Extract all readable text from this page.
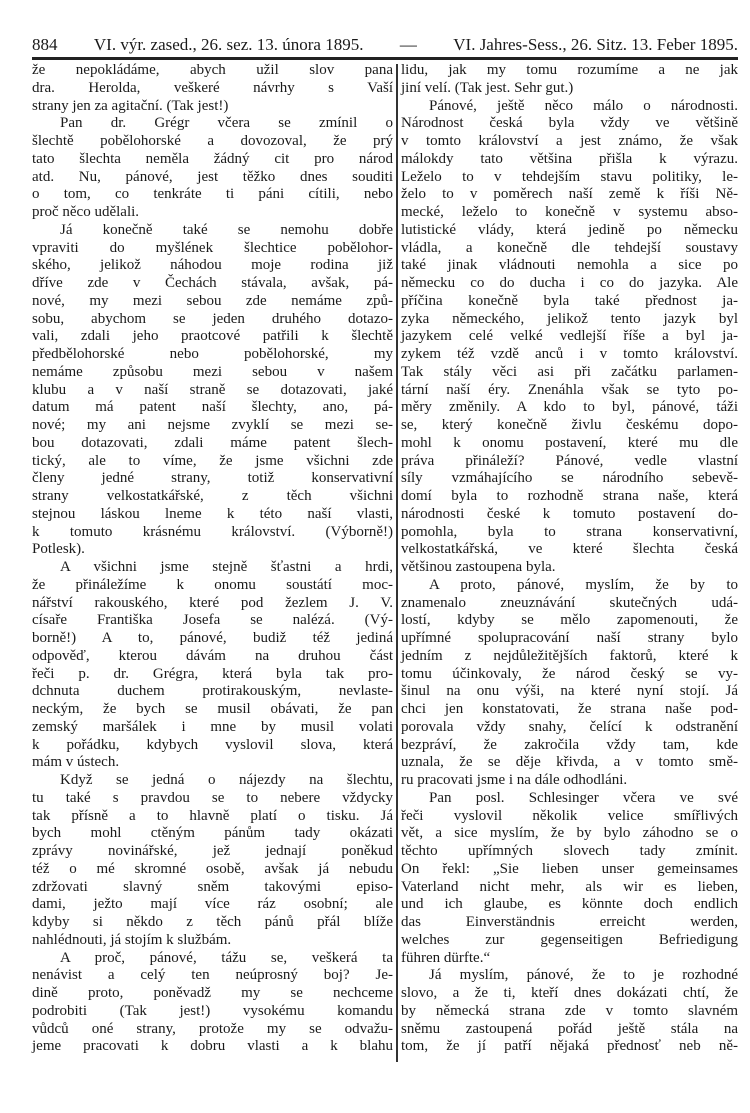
884 VI. výr. zased., 26. sez. 13. února 1895. — VI. Jahres-Sess., 26. Sitz. 13. Feber 1895.
že nepokládáme, abych užil slov pana
dra. Herolda, veškeré návrhy s Vaší
strany jen za agitační. (Tak jest!)
Pan dr. Grégr včera se zmínil o
šlechtě pobělohorské a dovozoval, že prý
tato šlechta neměla žádný cit pro národ
atd. Nu, pánové, jest těžko dnes souditi
o tom, co tenkráte ti páni cítili, nebo
proč něco udělali.
Já konečně také se nemohu dobře
vpraviti do myšlének šlechtice pobělohor-
ského, jelikož náhodou moje rodina již
dříve zde v Čechách stávala, avšak, pá-
nové, my mezi sebou zde nemáme způ-
sobu, abychom se jeden druhého dotazo-
vali, zdali jeho praotcové patřili k šlechtě
předbělohorské nebo pobělohorské, my
nemáme způsobu mezi sebou v našem
klubu a v naší straně se dotazovati, jaké
datum má patent naší šlechty, ano, pá-
nové; my ani nejsme zvyklí se mezi se-
bou dotazovati, zdali máme patent šlech-
tický, ale to víme, že jsme všichni zde
členy jedné strany, totiž konservativní
strany velkostatkářské, z těch všichni
stejnou láskou lneme k této naší vlasti,
k tomuto krásnému království. (Výborně!)
Potlesk).
A všichni jsme stejně šťastni a hrdi,
že přináležíme k onomu soustátí moc-
nářství rakouského, které pod žezlem J. V.
císaře Františka Josefa se nalézá. (Vý-
borně!) A to, pánové, budiž též jediná
odpověď, kterou dávám na druhou část
řeči p. dr. Grégra, která byla tak pro-
dchnuta duchem protirakouským, nevlaste-
neckým, že bych se musil obávati, že pan
zemský maršálek i mne by musil volati
k pořádku, kdybych vyslovil slova, která
mám v ústech.
Když se jedná o nájezdy na šlechtu,
tu také s pravdou se to nebere vždycky
tak přísně a to hlavně platí o tisku. Já
bych mohl ctěným pánům tady okázati
zprávy novinářské, jež jednají poněkud
též o mé skromné osobě, avšak já nebudu
zdržovati slavný sněm takovými episo-
dami, ježto mají více ráz osobní; ale
kdyby si někdo z těch pánů přál blíže
nahlédnouti, já stojím k službám.
A proč, pánové, tážu se, veškerá ta
nenávist a celý ten neúprosný boj? Je-
dině proto, poněvadž my se nechceme
podrobiti (Tak jest!) vysokému komandu
vůdců oné strany, protože my se odvažu-
jeme pracovati k dobru vlasti a k blahu
lidu, jak my tomu rozumíme a ne jak
jiní velí. (Tak jest. Sehr gut.)
Pánové, ještě něco málo o národnosti.
Národnost česká byla vždy ve většině
v tomto království a jest známo, že však
málokdy tato většina přišla k výrazu.
Leželo to v tehdejším stavu politiky, le-
želo to v poměrech naší země k říši Ně-
mecké, leželo to konečně v systemu abso-
lutistické vlády, která jedině po německu
vládla, a konečně dle tehdejší soustavy
také jinak vládnouti nemohla a sice po
německu co do ducha i co do jazyka. Ale
příčina konečně byla také přednost ja-
zyka německého, jelikož tento jazyk byl
jazykem celé velké vedlejší říše a byl ja-
zykem též vzdě anců i v tomto království.
Tak stály věci asi při začátku parlamen-
tární naší éry. Znenáhla však se tyto po-
měry změnily. A kdo to byl, pánové, táži
se, který konečně živlu českému dopo-
mohl k onomu postavení, které mu dle
práva přináleží? Pánové, vedle vlastní
síly vzmáhajícího se národního sebevě-
domí byla to rozhodně strana naše, která
národnosti české k tomuto postavení do-
pomohla, byla to strana konservativní,
velkostatkářská, ve které šlechta česká
většinou zastoupena byla.
A proto, pánové, myslím, že by to
znamenalo zneuznávání skutečných udá-
lostí, kdyby se mělo zapomenouti, že
upřímné spolupracování naší strany bylo
jedním z nejdůležitějších faktorů, které k
tomu účinkovaly, že národ český se vy-
šinul na onu výši, na které nyní stojí. Já
chci jen konstatovati, že strana naše pod-
porovala vždy snahy, čelící k odstranění
bezpráví, že zakročila vždy tam, kde
uznala, že se děje křivda, a v tomto smě-
ru pracovati jsme i na dále odhodláni.
Pan posl. Schlesinger včera ve své
řeči vyslovil několik velice smířlivých
vět, a sice myslím, že by bylo záhodno se o
těchto upřímných slovech tady zmínit.
On řekl: „Sie lieben unser gemeinsames
Vaterland nicht mehr, als wir es lieben,
und ich glaube, es könnte doch endlich
das Einverständnis erreicht werden,
welches zur gegenseitigen Befriedigung
führen dürfte.“
Já myslím, pánové, že to je rozhodné
slovo, a že ti, kteří dnes dokázati chtí, že
by německá strana zde v tomto slavném
sněmu zastoupená pořád ještě stála na
tom, že jí patří nějaká přednosť neb ně-
